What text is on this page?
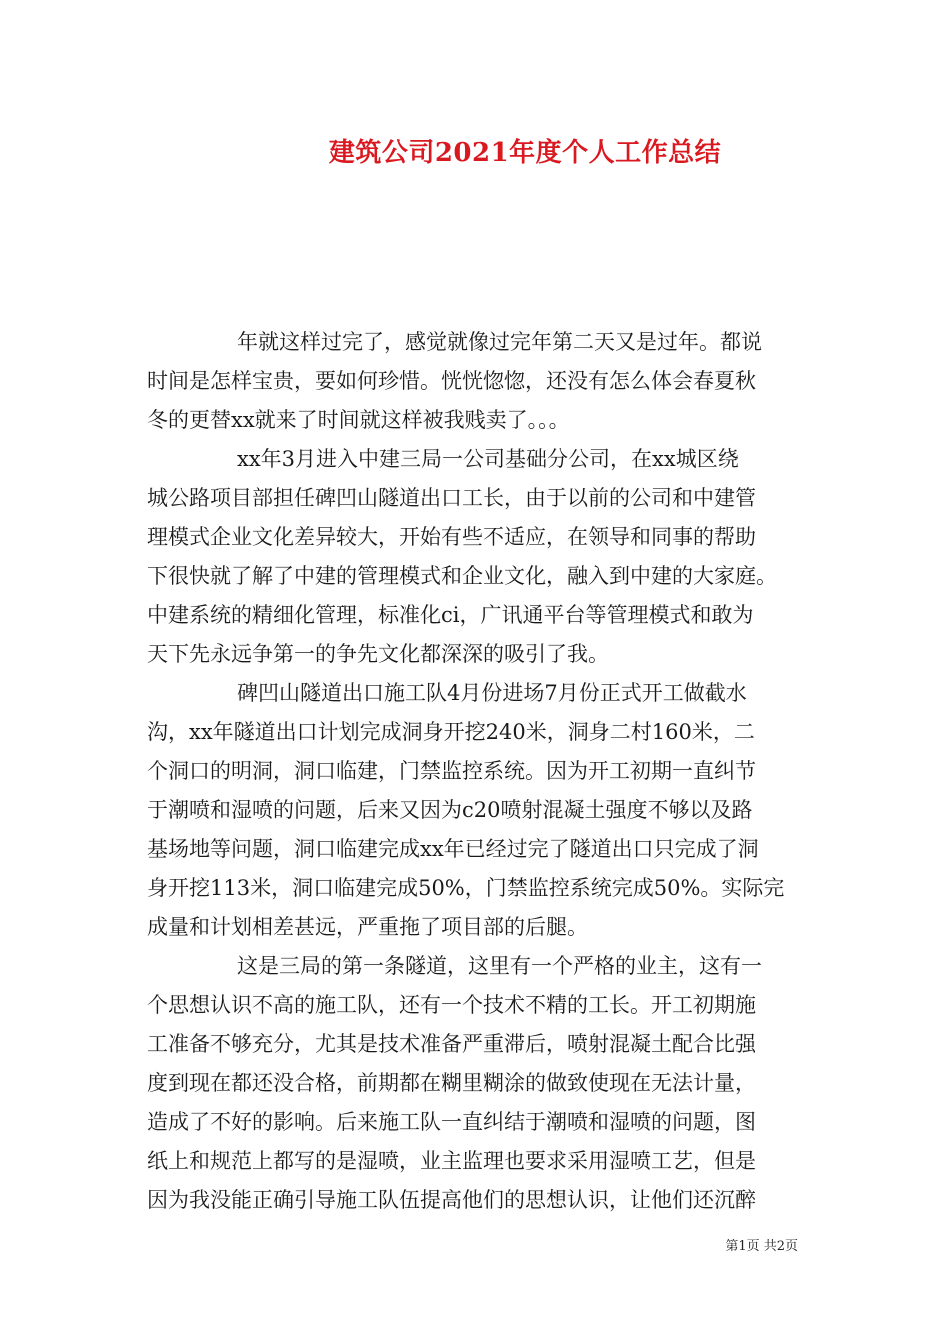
建筑公司2021年度个人工作总结
年就这样过完了，感觉就像过完年第二天又是过年。都说
时间是怎样宝贵，要如何珍惜。恍恍惚惚，还没有怎么体会春夏秋
冬的更替xx就来了时间就这样被我贱卖了。。。
xx年3月进入中建三局一公司基础分公司，在xx城区绕
城公路项目部担任碑凹山隧道出口工长，由于以前的公司和中建管
理模式企业文化差异较大，开始有些不适应，在领导和同事的帮助
下很快就了解了中建的管理模式和企业文化，融入到中建的大家庭。
中建系统的精细化管理，标准化ci，广讯通平台等管理模式和敢为
天下先永远争第一的争先文化都深深的吸引了我。
碑凹山隧道出口施工队4月份进场7月份正式开工做截水
沟，xx年隧道出口计划完成洞身开挖240米，洞身二村160米，二
个洞口的明洞，洞口临建，门禁监控系统。因为开工初期一直纠节
于潮喷和湿喷的问题，后来又因为c20喷射混凝土强度不够以及路
基场地等问题，洞口临建完成xx年已经过完了隧道出口只完成了洞
身开挖113米，洞口临建完成50%，门禁监控系统完成50%。实际完
成量和计划相差甚远，严重拖了项目部的后腿。
这是三局的第一条隧道，这里有一个严格的业主，这有一
个思想认识不高的施工队，还有一个技术不精的工长。开工初期施
工准备不够充分，尤其是技术准备严重滞后，喷射混凝土配合比强
度到现在都还没合格，前期都在糊里糊涂的做致使现在无法计量，
造成了不好的影响。后来施工队一直纠结于潮喷和湿喷的问题，图
纸上和规范上都写的是湿喷，业主监理也要求采用湿喷工艺，但是
因为我没能正确引导施工队伍提高他们的思想认识，让他们还沉醉
第1页 共2页
